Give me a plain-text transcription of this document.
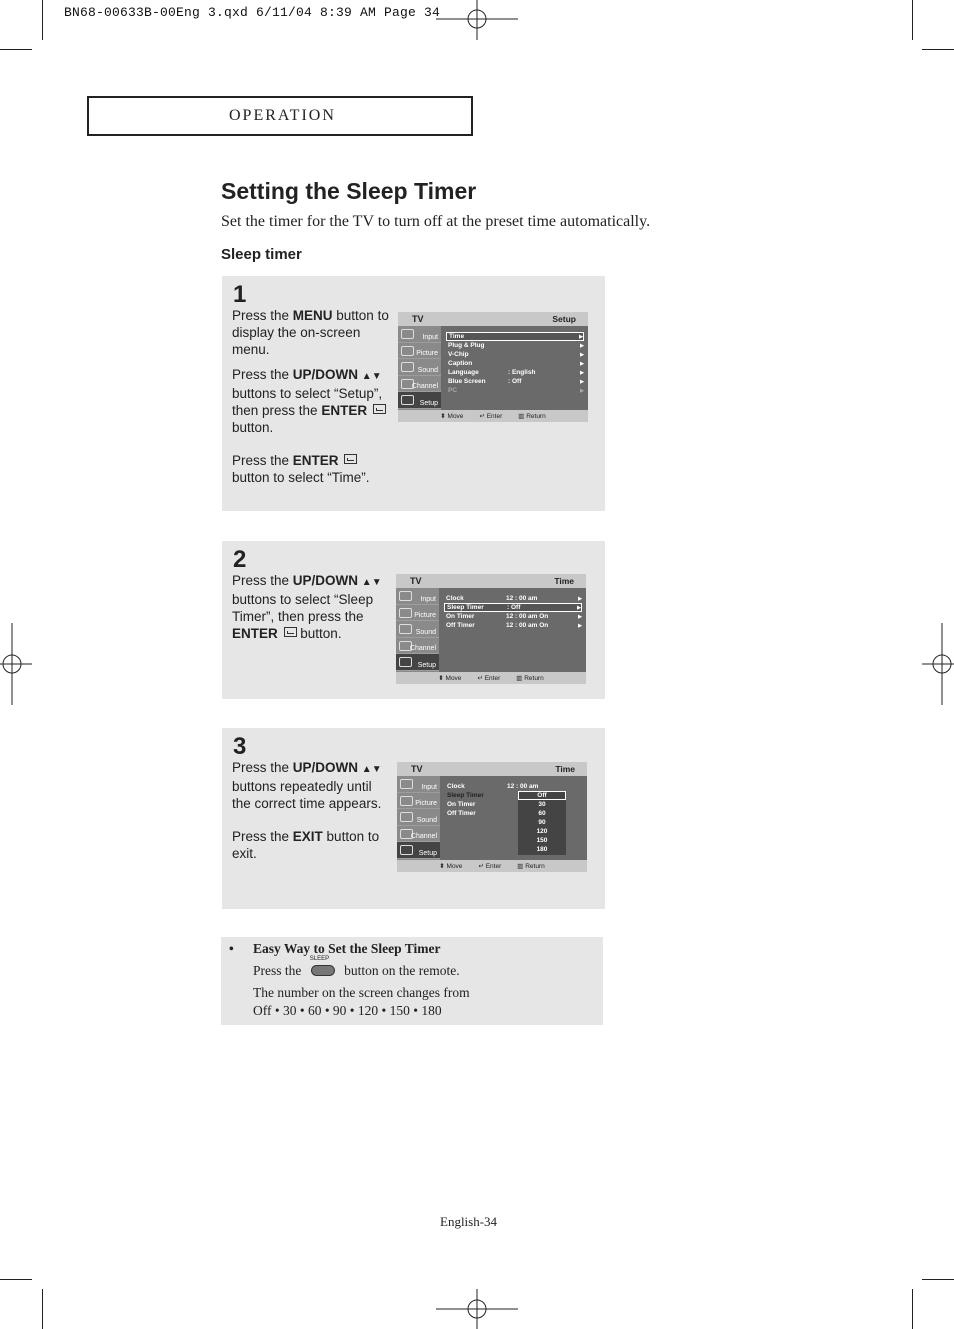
BN68-00633B-00Eng 3.qxd 6/11/04 8:39 AM Page 34
OPERATION
Setting the Sleep Timer
Set the timer for the TV to turn off at the preset time automatically.
Sleep timer
1

Press the MENU button to display the on-screen menu.

Press the UP/DOWN ▲▼ buttons to select “Setup”, then press the ENTER  button.

Press the ENTER  button to select “Time”.

TV	Setup
Input
Picture
Sound
Channel
Setup
Time	▶
Plug & Plug	▶
V-Chip	▶
Caption	▶
Language	: English	▶
Blue Screen	: Off	▶
PC	▶
⬍ Move ↵ Enter ▥ Return
2

Press the UP/DOWN ▲▼ buttons to select “Sleep Timer”, then press the ENTER  button.

TV	Time
Input
Picture
Sound
Channel
Setup
Clock	12 : 00 am	▶
Sleep Timer	: Off	▶
On Timer	12 : 00 am On	▶
Off Timer	12 : 00 am On	▶
⬍ Move ↵ Enter ▥ Return
3

Press the UP/DOWN ▲▼ buttons repeatedly until the correct time appears.

Press the EXIT button to exit.

TV	Time
Input
Picture
Sound
Channel
Setup
Clock	12 : 00 am
Sleep Timer
On Timer
Off Timer
Off
30
60
90
120
150
180
⬍ Move ↵ Enter ▥ Return
• Easy Way to Set the Sleep Timer
Press the
SLEEP
button on the remote.
The number on the screen changes from
Off • 30 • 60 • 90 • 120 • 150 • 180
English-34
